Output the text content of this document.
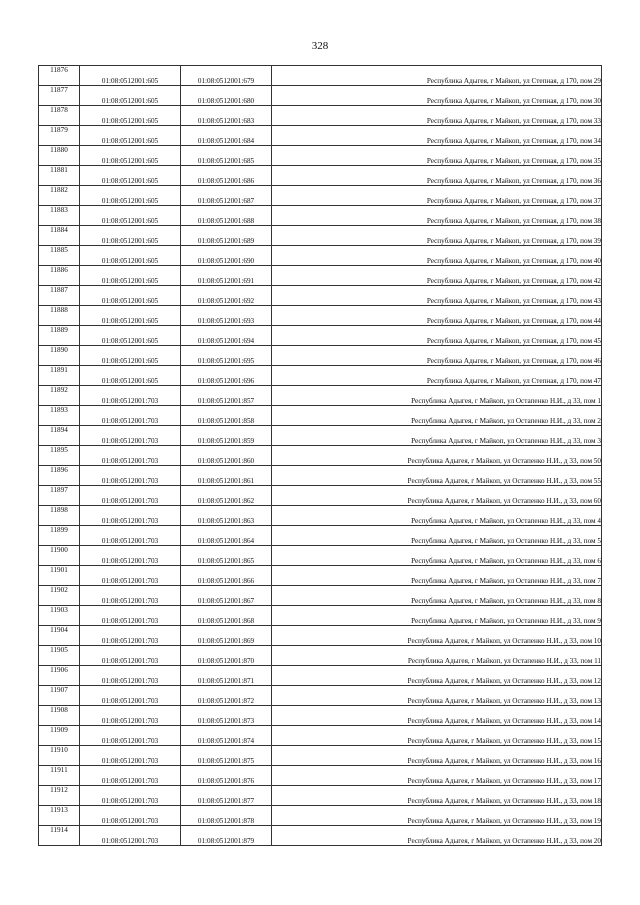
328
11876	01:08:0512001:605	01:08:0512001:679	Республика Адыгея, г Майкоп, ул Степная, д 170, пом 29
11877	01:08:0512001:605	01:08:0512001:680	Республика Адыгея, г Майкоп, ул Степная, д 170, пом 30
11878	01:08:0512001:605	01:08:0512001:683	Республика Адыгея, г Майкоп, ул Степная, д 170, пом 33
11879	01:08:0512001:605	01:08:0512001:684	Республика Адыгея, г Майкоп, ул Степная, д 170, пом 34
11880	01:08:0512001:605	01:08:0512001:685	Республика Адыгея, г Майкоп, ул Степная, д 170, пом 35
11881	01:08:0512001:605	01:08:0512001:686	Республика Адыгея, г Майкоп, ул Степная, д 170, пом 36
11882	01:08:0512001:605	01:08:0512001:687	Республика Адыгея, г Майкоп, ул Степная, д 170, пом 37
11883	01:08:0512001:605	01:08:0512001:688	Республика Адыгея, г Майкоп, ул Степная, д 170, пом 38
11884	01:08:0512001:605	01:08:0512001:689	Республика Адыгея, г Майкоп, ул Степная, д 170, пом 39
11885	01:08:0512001:605	01:08:0512001:690	Республика Адыгея, г Майкоп, ул Степная, д 170, пом 40
11886	01:08:0512001:605	01:08:0512001:691	Республика Адыгея, г Майкоп, ул Степная, д 170, пом 42
11887	01:08:0512001:605	01:08:0512001:692	Республика Адыгея, г Майкоп, ул Степная, д 170, пом 43
11888	01:08:0512001:605	01:08:0512001:693	Республика Адыгея, г Майкоп, ул Степная, д 170, пом 44
11889	01:08:0512001:605	01:08:0512001:694	Республика Адыгея, г Майкоп, ул Степная, д 170, пом 45
11890	01:08:0512001:605	01:08:0512001:695	Республика Адыгея, г Майкоп, ул Степная, д 170, пом 46
11891	01:08:0512001:605	01:08:0512001:696	Республика Адыгея, г Майкоп, ул Степная, д 170, пом 47
11892	01:08:0512001:703	01:08:0512001:857	Республика Адыгея, г Майкоп, ул Остапенко Н.И., д 33, пом 1
11893	01:08:0512001:703	01:08:0512001:858	Республика Адыгея, г Майкоп, ул Остапенко Н.И., д 33, пом 2
11894	01:08:0512001:703	01:08:0512001:859	Республика Адыгея, г Майкоп, ул Остапенко Н.И., д 33, пом 3
11895	01:08:0512001:703	01:08:0512001:860	Республика Адыгея, г Майкоп, ул Остапенко Н.И., д 33, пом 50
11896	01:08:0512001:703	01:08:0512001:861	Республика Адыгея, г Майкоп, ул Остапенко Н.И., д 33, пом 55
11897	01:08:0512001:703	01:08:0512001:862	Республика Адыгея, г Майкоп, ул Остапенко Н.И., д 33, пом 60
11898	01:08:0512001:703	01:08:0512001:863	Республика Адыгея, г Майкоп, ул Остапенко Н.И., д 33, пом 4
11899	01:08:0512001:703	01:08:0512001:864	Республика Адыгея, г Майкоп, ул Остапенко Н.И., д 33, пом 5
11900	01:08:0512001:703	01:08:0512001:865	Республика Адыгея, г Майкоп, ул Остапенко Н.И., д 33, пом 6
11901	01:08:0512001:703	01:08:0512001:866	Республика Адыгея, г Майкоп, ул Остапенко Н.И., д 33, пом 7
11902	01:08:0512001:703	01:08:0512001:867	Республика Адыгея, г Майкоп, ул Остапенко Н.И., д 33, пом 8
11903	01:08:0512001:703	01:08:0512001:868	Республика Адыгея, г Майкоп, ул Остапенко Н.И., д 33, пом 9
11904	01:08:0512001:703	01:08:0512001:869	Республика Адыгея, г Майкоп, ул Остапенко Н.И., д 33, пом 10
11905	01:08:0512001:703	01:08:0512001:870	Республика Адыгея, г Майкоп, ул Остапенко Н.И., д 33, пом 11
11906	01:08:0512001:703	01:08:0512001:871	Республика Адыгея, г Майкоп, ул Остапенко Н.И., д 33, пом 12
11907	01:08:0512001:703	01:08:0512001:872	Республика Адыгея, г Майкоп, ул Остапенко Н.И., д 33, пом 13
11908	01:08:0512001:703	01:08:0512001:873	Республика Адыгея, г Майкоп, ул Остапенко Н.И., д 33, пом 14
11909	01:08:0512001:703	01:08:0512001:874	Республика Адыгея, г Майкоп, ул Остапенко Н.И., д 33, пом 15
11910	01:08:0512001:703	01:08:0512001:875	Республика Адыгея, г Майкоп, ул Остапенко Н.И., д 33, пом 16
11911	01:08:0512001:703	01:08:0512001:876	Республика Адыгея, г Майкоп, ул Остапенко Н.И., д 33, пом 17
11912	01:08:0512001:703	01:08:0512001:877	Республика Адыгея, г Майкоп, ул Остапенко Н.И., д 33, пом 18
11913	01:08:0512001:703	01:08:0512001:878	Республика Адыгея, г Майкоп, ул Остапенко Н.И., д 33, пом 19
11914	01:08:0512001:703	01:08:0512001:879	Республика Адыгея, г Майкоп, ул Остапенко Н.И., д 33, пом 20
